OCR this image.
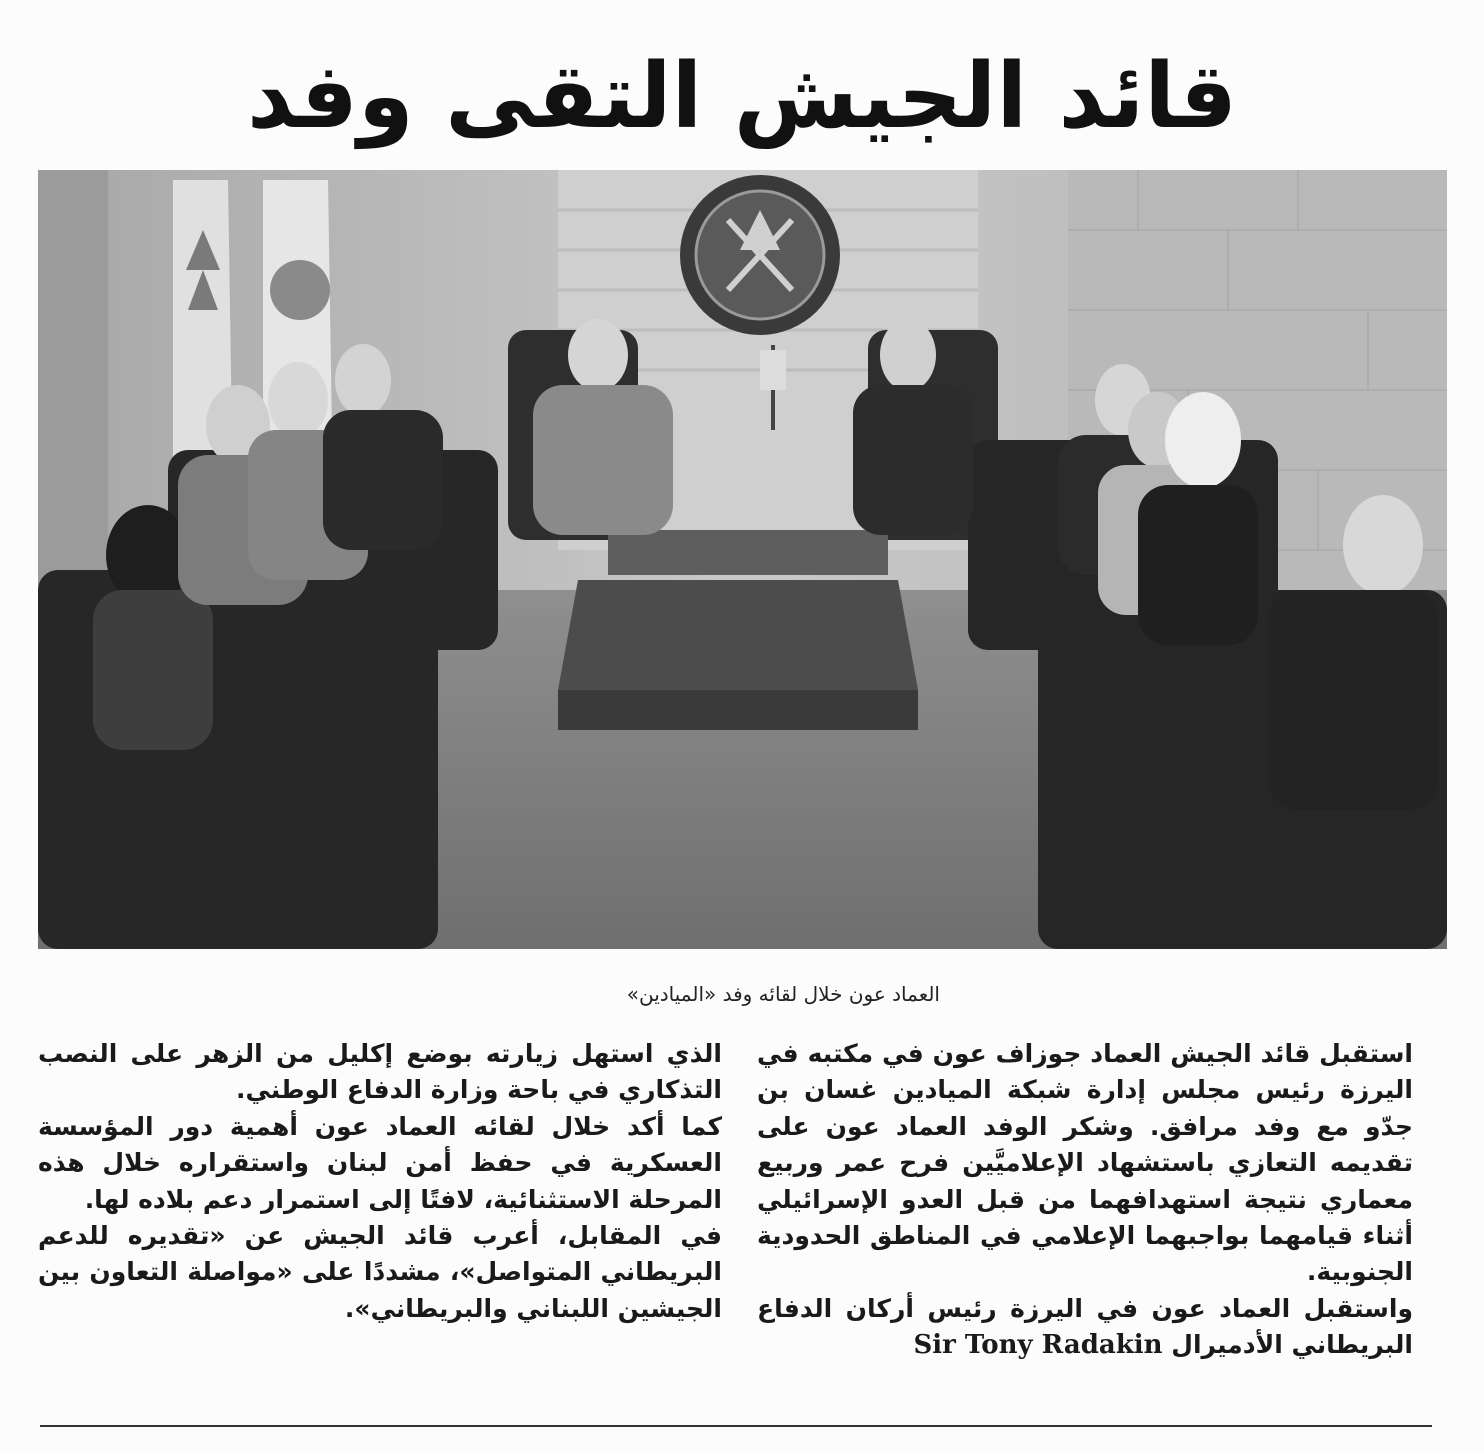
قائد الجيش التقى وفد
العماد عون خلال لقائه وفد «الميادين»

استقبل قائد الجيش العماد جوزاف عون في مكتبه في اليرزة رئيس مجلس إدارة شبكة الميادين غسان بن جدّو مع وفد مرافق. وشكر الوفد العماد عون على تقديمه التعازي باستشهاد الإعلاميَّين فرح عمر وربيع معماري نتيجة استهدافهما من قبل العدو الإسرائيلي أثناء قيامهما بواجبهما الإعلامي في المناطق الحدودية الجنوبية.

واستقبل العماد عون في اليرزة رئيس أركان الدفاع البريطاني الأدميرال Sir Tony Radakin

الذي استهل زيارته بوضع إكليل من الزهر على النصب التذكاري في باحة وزارة الدفاع الوطني.

كما أكد خلال لقائه العماد عون أهمية دور المؤسسة العسكرية في حفظ أمن لبنان واستقراره خلال هذه المرحلة الاستثنائية، لافتًا إلى استمرار دعم بلاده لها.

في المقابل، أعرب قائد الجيش عن «تقديره للدعم البريطاني المتواصل»، مشددًا على «مواصلة التعاون بين الجيشين اللبناني والبريطاني».
